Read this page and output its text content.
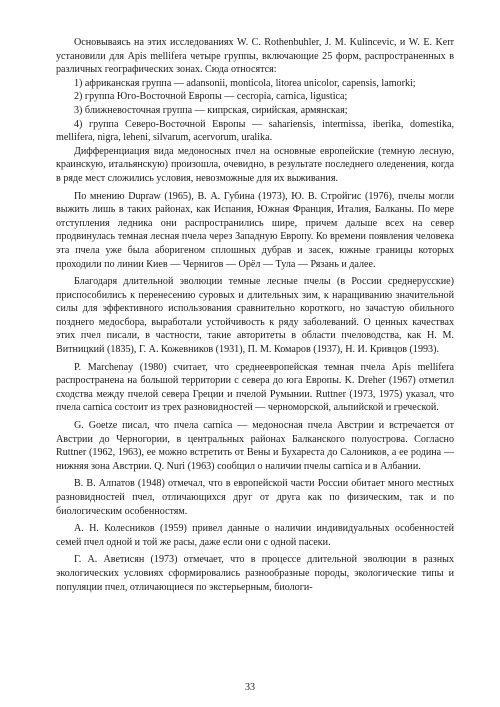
Основываясь на этих исследованиях W. C. Rothenbuhler, J. M. Kulincevic, и W. E. Kerr установили для Apis mellifera четыре группы, включающие 25 форм, распространенных в различных географических зонах. Сюда относятся:

1) африканская группа — adansonii, monticola, litorea unicolor, capensis, lamorki;

2) группа Юго-Восточной Европы — cecropia, carnica, ligustica;

3) ближневосточная группа — кипрская, сирийская, армянская;

4) группа Северо-Восточной Европы — sahariensis, intermissa, iberika, domestika, mellifera, nigra, leheni, silvarum, acervorum, uralika.

Дифференциация вида медоносных пчел на основные европейские (темную лесную, краинскую, итальянскую) произошла, очевидно, в результате последнего оледенения, когда в ряде мест сложились условия, невозможные для их выживания.

По мнению Dupraw (1965), В. А. Губина (1973), Ю. В. Стройгис (1976), пчелы могли выжить лишь в таких районах, как Испания, Южная Франция, Италия, Балканы. По мере отступления ледника они распространились шире, причем дальше всех на север продвинулась темная лесная пчела через Западную Европу. Ко времени появления человека эта пчела уже была аборигеном сплошных дубрав и засек, южные границы которых проходили по линии Киев — Чернигов — Орёл — Тула — Рязань и далее.

Благодаря длительной эволюции темные лесные пчелы (в России среднерусские) приспособились к перенесению суровых и длительных зим, к наращиванию значительной силы для эффективного использования сравнительно короткого, но зачастую обильного позднего медосбора, выработали устойчивость к ряду заболеваний. О ценных качествах этих пчел писали, в частности, такие авторитеты в области пчеловодства, как Н. М. Витницкий (1835), Г. А. Кожевников (1931), П. М. Комаров (1937), Н. И. Кривцов (1993).

P. Marchenay (1980) считает, что среднеевропейская темная пчела Apis mellifera распространена на большой территории с севера до юга Европы. K. Dreher (1967) отметил сходства между пчелой севера Греции и пчелой Румынии. Ruttner (1973, 1975) указал, что пчела carnica состоит из трех разновидностей — черноморской, альпийской и греческой.

G. Goetze писал, что пчела carnica — медоносная пчела Австрии и встречается от Австрии до Черногории, в центральных районах Балканского полуострова. Согласно Ruttner (1962, 1963), ее можно встретить от Вены и Бухареста до Салоников, а ее родина — нижняя зона Австрии. Q. Nuri (1963) сообщил о наличии пчелы carnica и в Албании.

В. В. Алпатов (1948) отмечал, что в европейской части России обитает много местных разновидностей пчел, отличающихся друг от друга как по физическим, так и по биологическим особенностям.

А. Н. Колесников (1959) привел данные о наличии индивидуальных особенностей семей пчел одной и той же расы, даже если они с одной пасеки.

Г. А. Аветисян (1973) отмечает, что в процессе длительной эволюции в разных экологических условиях сформировались разнообразные породы, экологические типы и популяции пчел, отличающиеся по экстерьерным, биологи-

33
